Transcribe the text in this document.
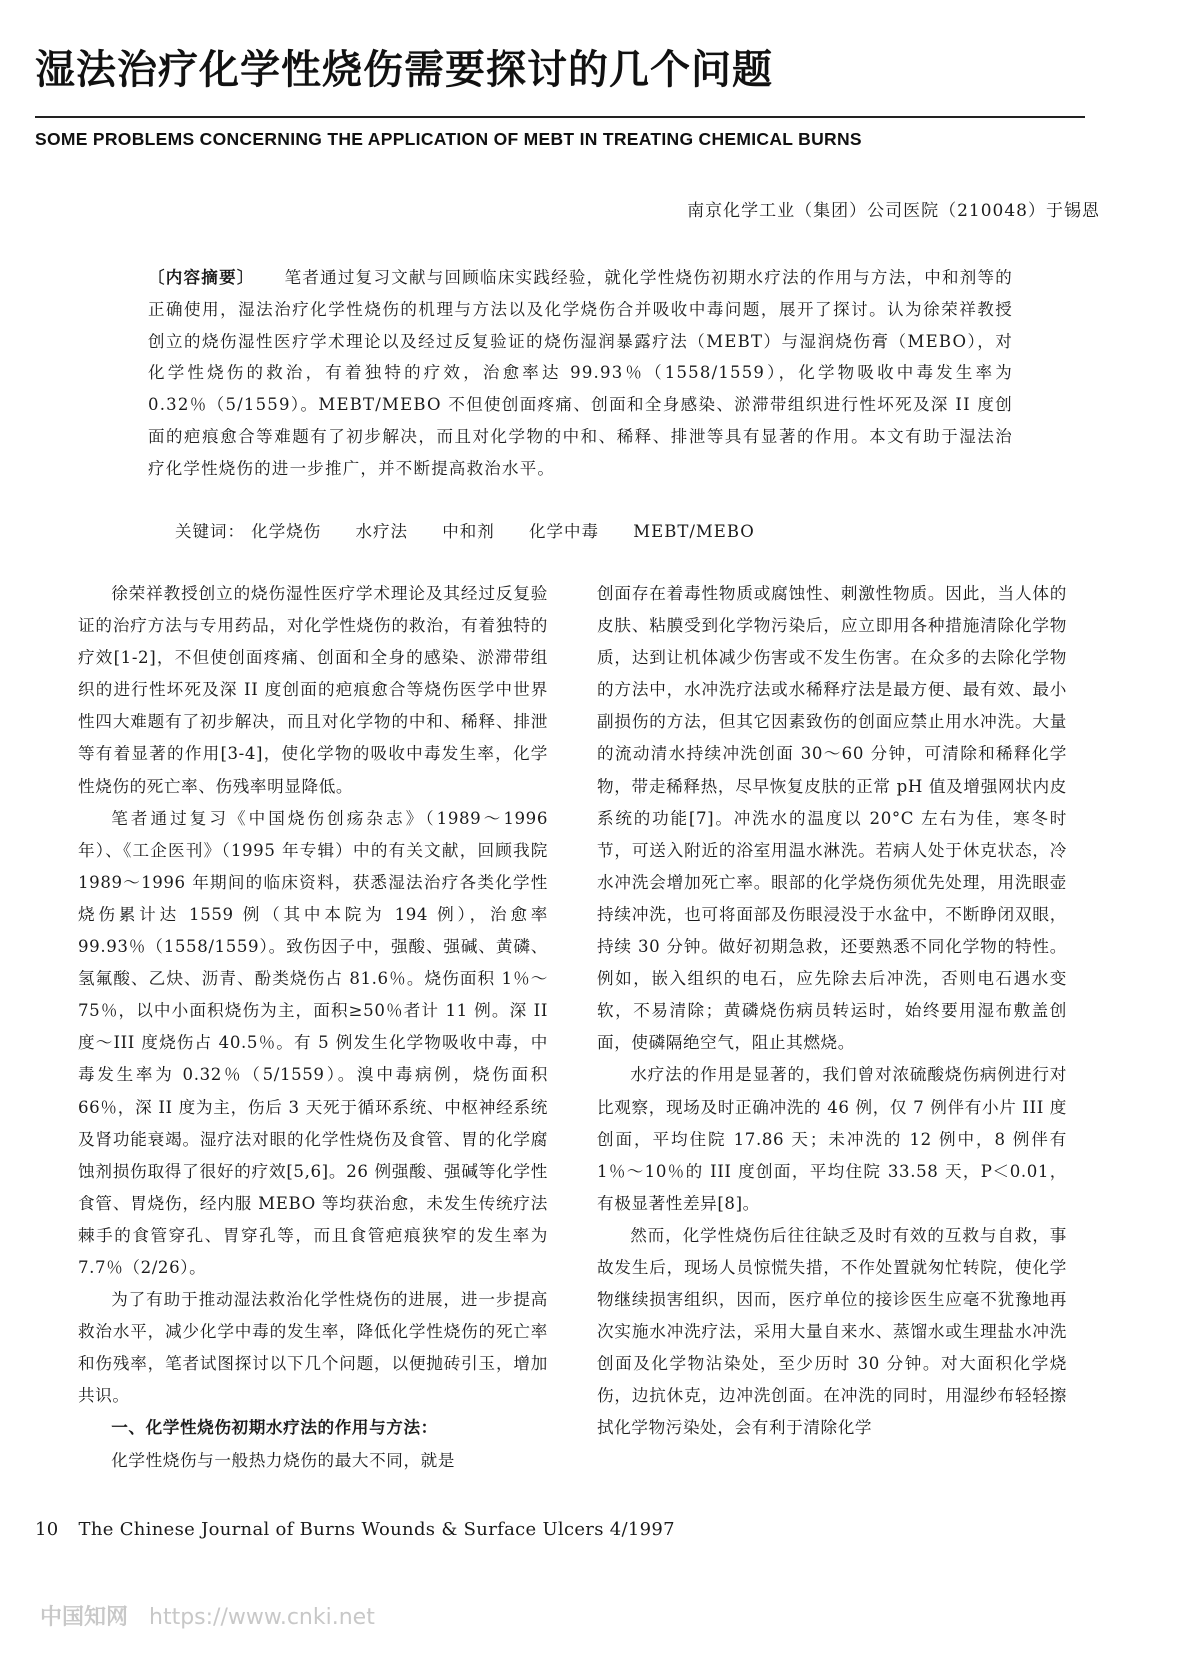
湿法治疗化学性烧伤需要探讨的几个问题
SOME PROBLEMS CONCERNING THE APPLICATION OF MEBT IN TREATING CHEMICAL BURNS
南京化学工业（集团）公司医院（210048）于锡恩
〔内容摘要〕 笔者通过复习文献与回顾临床实践经验，就化学性烧伤初期水疗法的作用与方法，中和剂等的正确使用，湿法治疗化学性烧伤的机理与方法以及化学烧伤合并吸收中毒问题，展开了探讨。认为徐荣祥教授创立的烧伤湿性医疗学术理论以及经过反复验证的烧伤湿润暴露疗法（MEBT）与湿润烧伤膏（MEBO），对化学性烧伤的救治，有着独特的疗效，治愈率达 99.93％（1558/1559），化学物吸收中毒发生率为 0.32％（5/1559）。MEBT/MEBO 不但使创面疼痛、创面和全身感染、淤滞带组织进行性坏死及深 II 度创面的疤痕愈合等难题有了初步解决，而且对化学物的中和、稀释、排泄等具有显著的作用。本文有助于湿法治疗化学性烧伤的进一步推广，并不断提高救治水平。
关键词： 化学烧伤 水疗法 中和剂 化学中毒 MEBT/MEBO

徐荣祥教授创立的烧伤湿性医疗学术理论及其经过反复验证的治疗方法与专用药品，对化学性烧伤的救治，有着独特的疗效[1-2]，不但使创面疼痛、创面和全身的感染、淤滞带组织的进行性坏死及深 II 度创面的疤痕愈合等烧伤医学中世界性四大难题有了初步解决，而且对化学物的中和、稀释、排泄等有着显著的作用[3-4]，使化学物的吸收中毒发生率，化学性烧伤的死亡率、伤残率明显降低。

笔者通过复习《中国烧伤创疡杂志》（1989～1996 年）、《工企医刊》（1995 年专辑）中的有关文献，回顾我院 1989～1996 年期间的临床资料，获悉湿法治疗各类化学性烧伤累计达 1559 例（其中本院为 194 例），治愈率 99.93％（1558/1559）。致伤因子中，强酸、强碱、黄磷、氢氟酸、乙炔、沥青、酚类烧伤占 81.6％。烧伤面积 1％～75％，以中小面积烧伤为主，面积≥50％者计 11 例。深 II 度～III 度烧伤占 40.5％。有 5 例发生化学物吸收中毒，中毒发生率为 0.32％（5/1559）。溴中毒病例，烧伤面积 66％，深 II 度为主，伤后 3 天死于循环系统、中枢神经系统及肾功能衰竭。湿疗法对眼的化学性烧伤及食管、胃的化学腐蚀剂损伤取得了很好的疗效[5,6]。26 例强酸、强碱等化学性食管、胃烧伤，经内服 MEBO 等均获治愈，未发生传统疗法棘手的食管穿孔、胃穿孔等，而且食管疤痕狭窄的发生率为 7.7％（2/26）。

为了有助于推动湿法救治化学性烧伤的进展，进一步提高救治水平，减少化学中毒的发生率，降低化学性烧伤的死亡率和伤残率，笔者试图探讨以下几个问题，以便抛砖引玉，增加共识。

一、化学性烧伤初期水疗法的作用与方法：

化学性烧伤与一般热力烧伤的最大不同，就是

创面存在着毒性物质或腐蚀性、刺激性物质。因此，当人体的皮肤、粘膜受到化学物污染后，应立即用各种措施清除化学物质，达到让机体减少伤害或不发生伤害。在众多的去除化学物的方法中，水冲洗疗法或水稀释疗法是最方便、最有效、最小副损伤的方法，但其它因素致伤的创面应禁止用水冲洗。大量的流动清水持续冲洗创面 30～60 分钟，可清除和稀释化学物，带走稀释热，尽早恢复皮肤的正常 pH 值及增强网状内皮系统的功能[7]。冲洗水的温度以 20°C 左右为佳，寒冬时节，可送入附近的浴室用温水淋洗。若病人处于休克状态，冷水冲洗会增加死亡率。眼部的化学烧伤须优先处理，用洗眼壶持续冲洗，也可将面部及伤眼浸没于水盆中，不断睁闭双眼，持续 30 分钟。做好初期急救，还要熟悉不同化学物的特性。例如，嵌入组织的电石，应先除去后冲洗，否则电石遇水变软，不易清除；黄磷烧伤病员转运时，始终要用湿布敷盖创面，使磷隔绝空气，阻止其燃烧。

水疗法的作用是显著的，我们曾对浓硫酸烧伤病例进行对比观察，现场及时正确冲洗的 46 例，仅 7 例伴有小片 III 度创面，平均住院 17.86 天；未冲洗的 12 例中，8 例伴有 1％～10％的 III 度创面，平均住院 33.58 天，P＜0.01，有极显著性差异[8]。

然而，化学性烧伤后往往缺乏及时有效的互救与自救，事故发生后，现场人员惊慌失措，不作处置就匆忙转院，使化学物继续损害组织，因而，医疗单位的接诊医生应毫不犹豫地再次实施水冲洗疗法，采用大量自来水、蒸馏水或生理盐水冲洗创面及化学物沾染处，至少历时 30 分钟。对大面积化学烧伤，边抗休克，边冲洗创面。在冲洗的同时，用湿纱布轻轻擦拭化学物污染处，会有利于清除化学

10 The Chinese Journal of Burns Wounds & Surface Ulcers 4/1997
中国知网 https://www.cnki.net
